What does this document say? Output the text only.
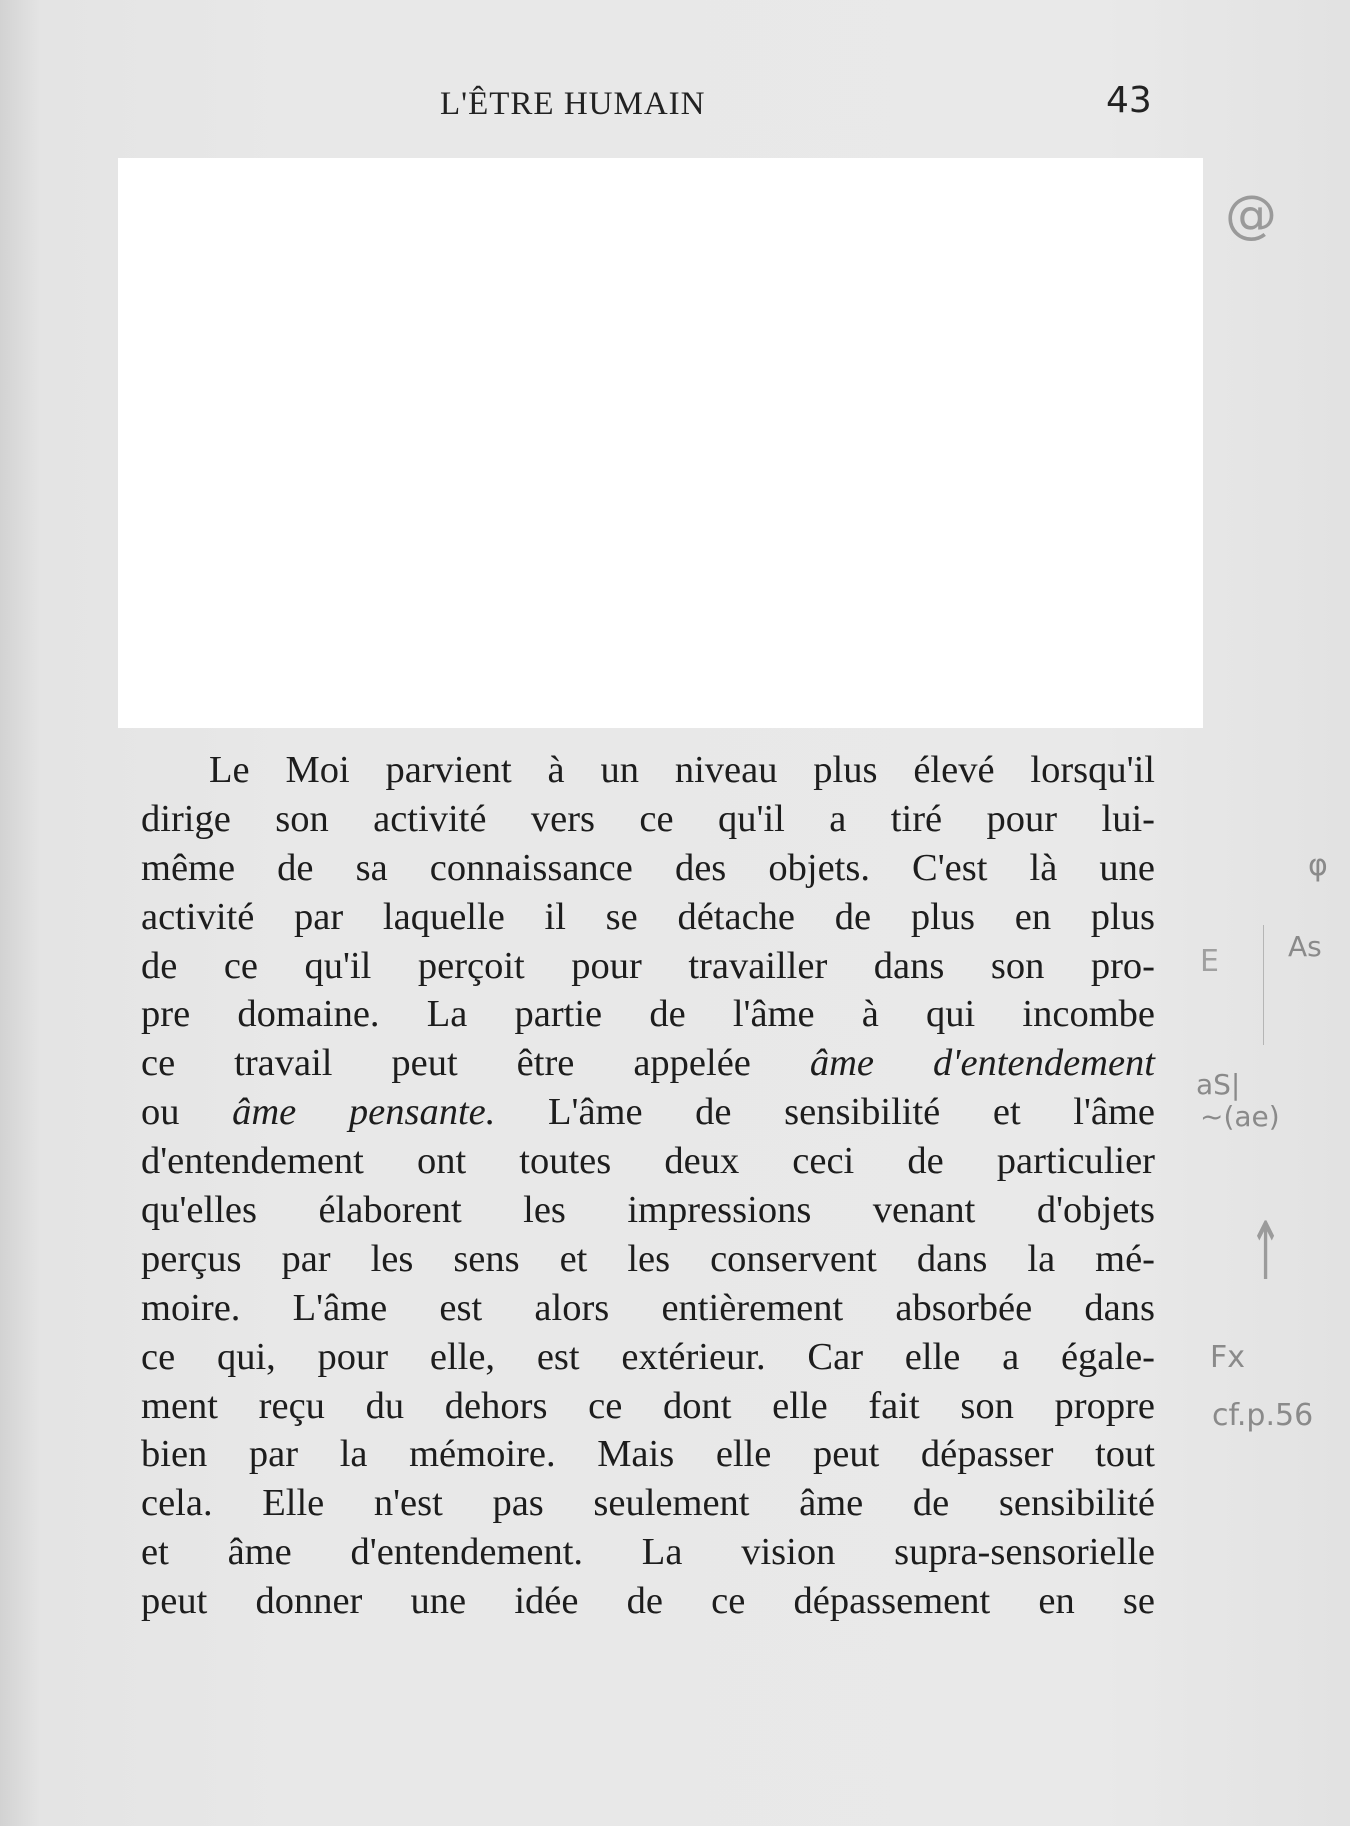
L'ÊTRE HUMAIN	43
Le Moi parvient à un niveau plus élevé lorsqu'il
dirige son activité vers ce qu'il a tiré pour lui-
même de sa connaissance des objets. C'est là une
activité par laquelle il se détache de plus en plus
de ce qu'il perçoit pour travailler dans son pro-
pre domaine. La partie de l'âme à qui incombe
ce travail peut être appelée âme d'entendement
ou âme pensante. L'âme de sensibilité et l'âme
d'entendement ont toutes deux ceci de particulier
qu'elles élaborent les impressions venant d'objets
perçus par les sens et les conservent dans la mé-
moire. L'âme est alors entièrement absorbée dans
ce qui, pour elle, est extérieur. Car elle a égale-
ment reçu du dehors ce dont elle fait son propre
bien par la mémoire. Mais elle peut dépasser tout
cela. Elle n'est pas seulement âme de sensibilité
et âme d'entendement. La vision supra-sensorielle
peut donner une idée de ce dépassement en se
@
φ
E As
aS|
~(ae)
↑
Fx
cf.p.56
